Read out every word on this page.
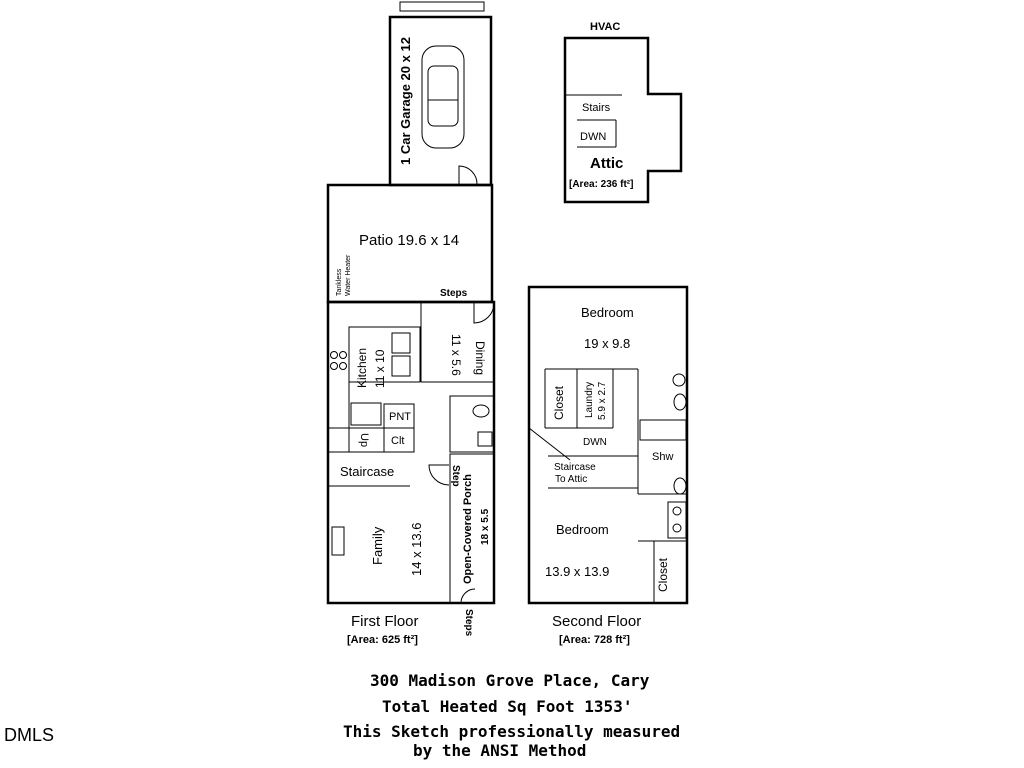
1 Car Garage 20 x 12
Patio 19.6 x 14
Tankless Water Heater	Steps
HVAC
Stairs
DWN
Attic
[Area: 236 ft²]
Kitchen 11 x 10	Dining
11 x 5.6
PNT
Clt
Up
Staircase
Family 14 x 13.6
Step Open-Covered Porch 18 x 5.5
Steps
First Floor
[Area: 625 ft²]
Bedroom
19 x 9.8
Closet Laundry 5.9 x 2.7
DWN
Staircase
To Attic
Shw
Bedroom
13.9 x 13.9	Closet
Second Floor
[Area: 728 ft²]
300 Madison Grove Place, Cary
Total Heated Sq Foot 1353'
This Sketch professionally measured
by the ANSI Method
DMLS
